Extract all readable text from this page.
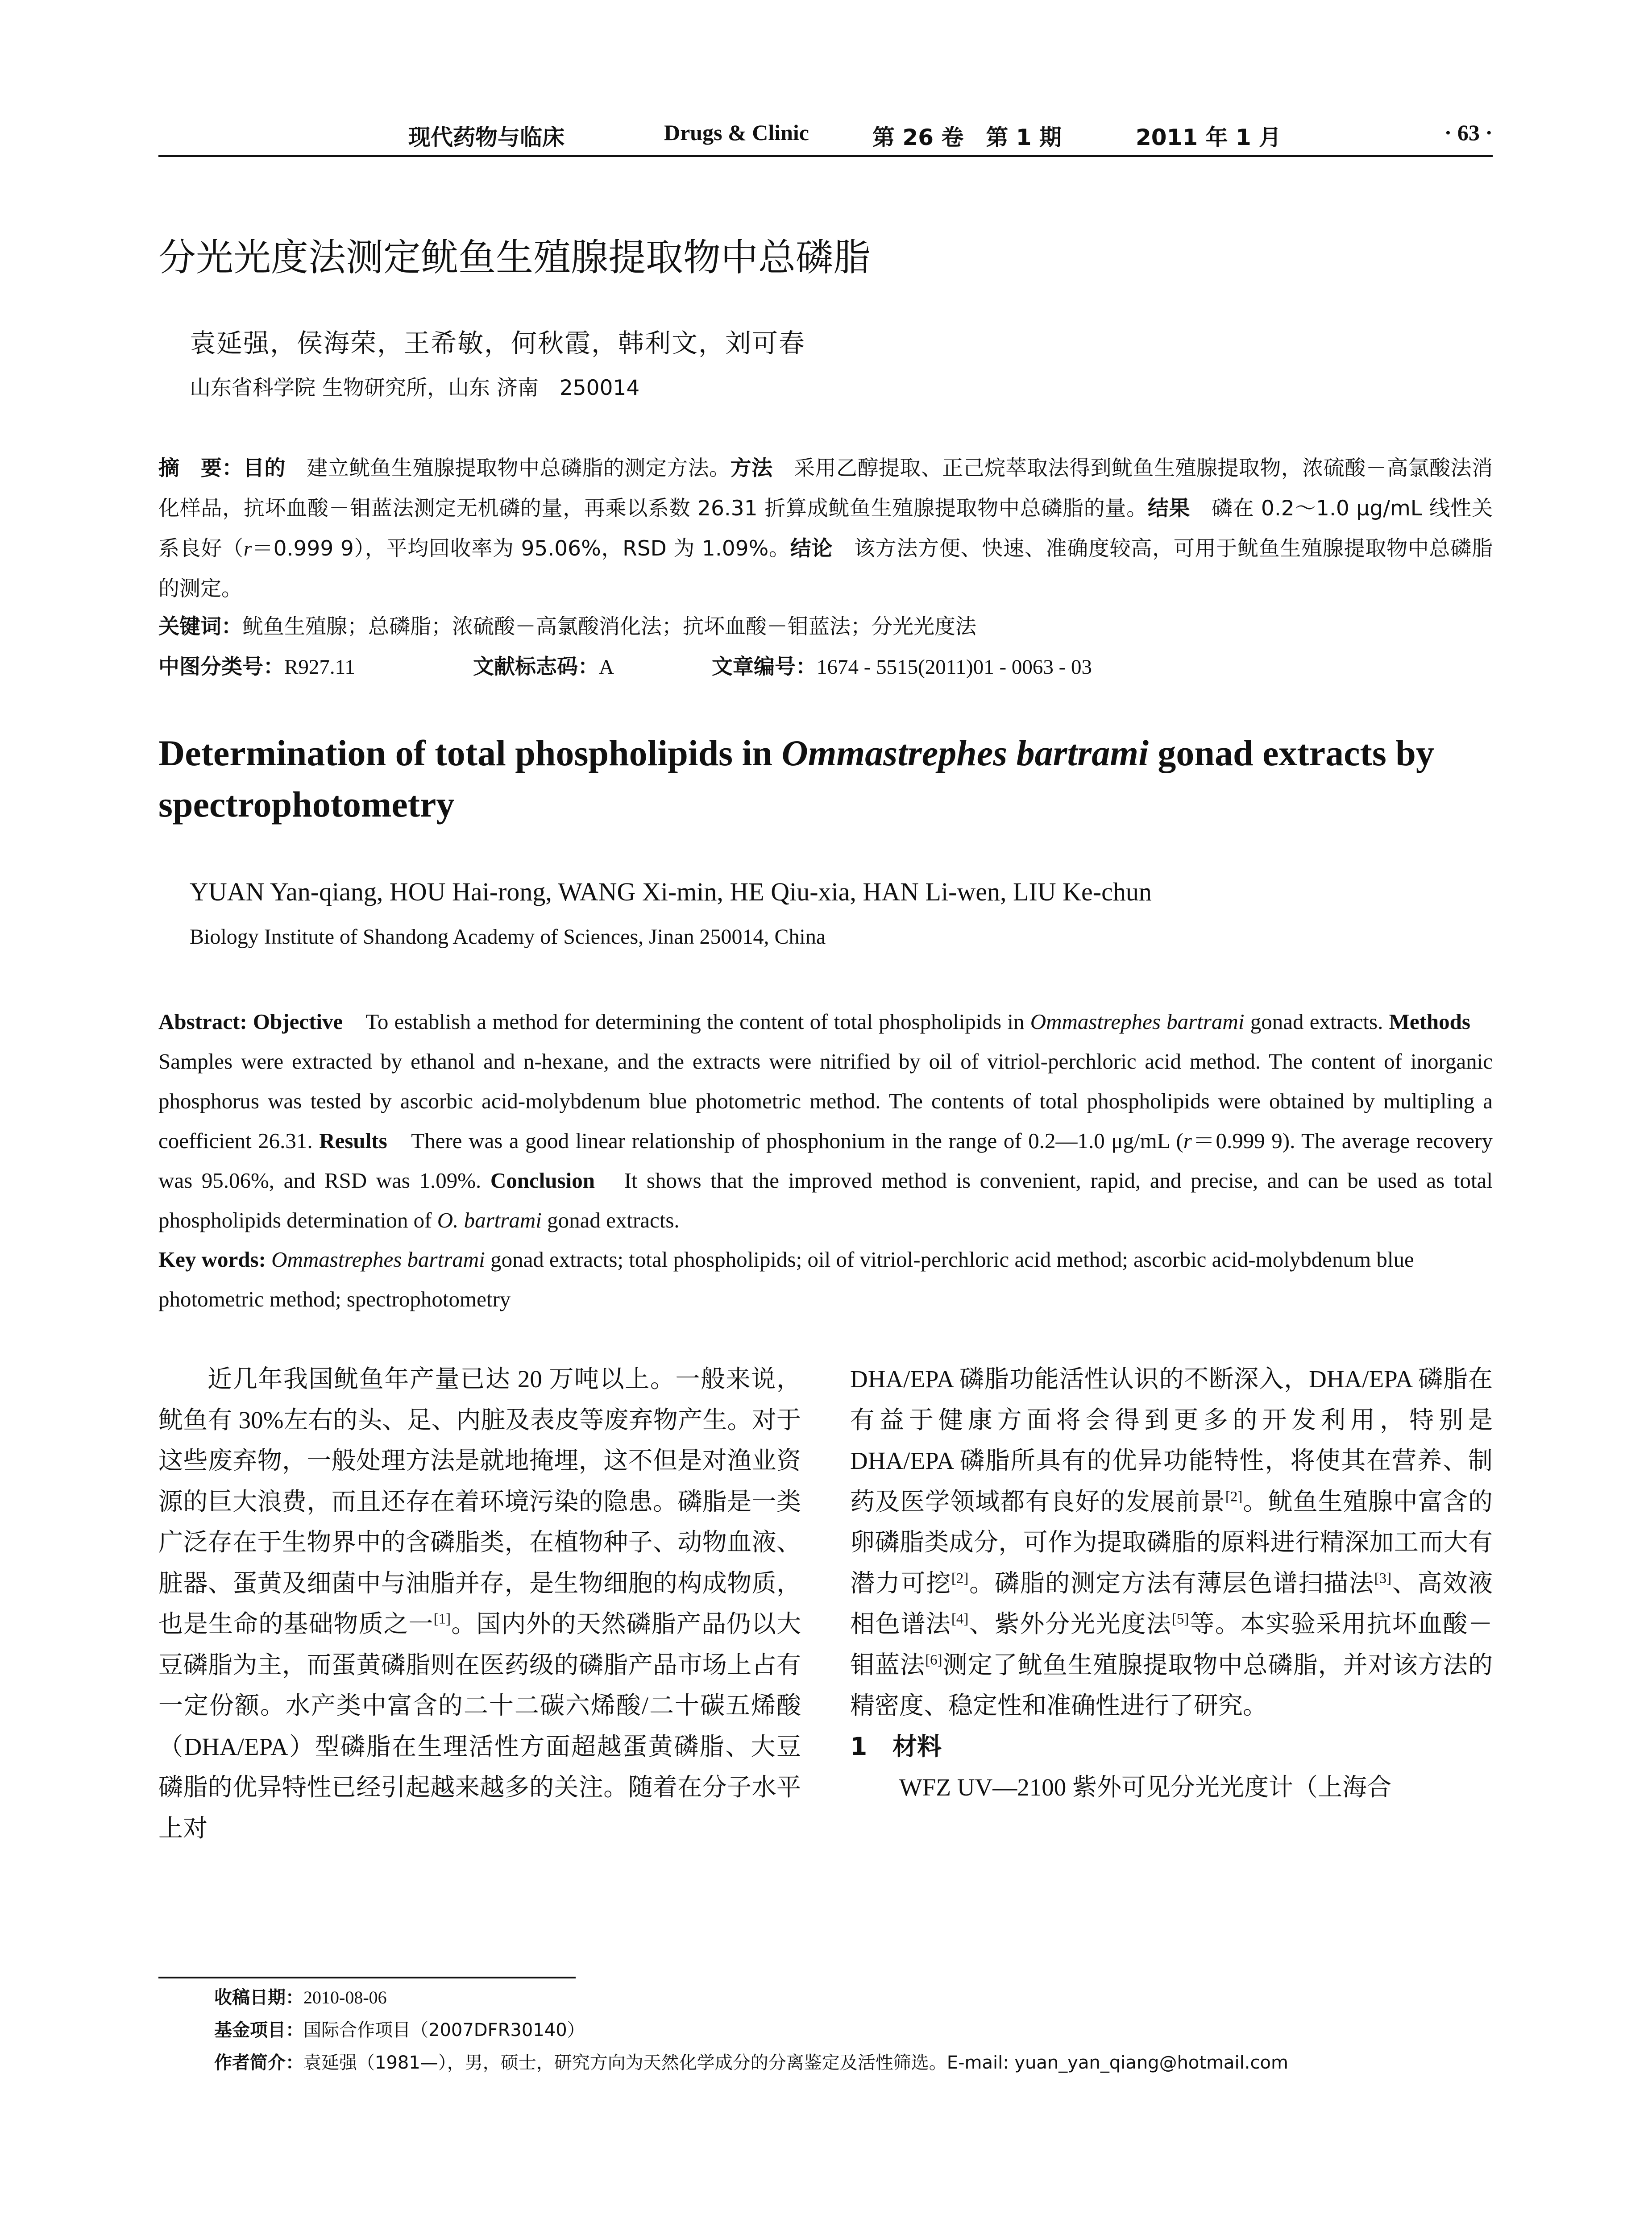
现代药物与临床	Drugs & Clinic	第 26 卷　第 1 期	2011 年 1 月	· 63 ·
分光光度法测定鱿鱼生殖腺提取物中总磷脂
袁延强，侯海荣，王希敏，何秋霞，韩利文，刘可春
山东省科学院 生物研究所，山东 济南　250014
摘　要：目的　建立鱿鱼生殖腺提取物中总磷脂的测定方法。方法　采用乙醇提取、正己烷萃取法得到鱿鱼生殖腺提取物，浓硫酸－高氯酸法消化样品，抗坏血酸－钼蓝法测定无机磷的量，再乘以系数 26.31 折算成鱿鱼生殖腺提取物中总磷脂的量。结果　磷在 0.2～1.0 μg/mL 线性关系良好（r＝0.999 9），平均回收率为 95.06%，RSD 为 1.09%。结论　该方法方便、快速、准确度较高，可用于鱿鱼生殖腺提取物中总磷脂的测定。
关键词：鱿鱼生殖腺；总磷脂；浓硫酸－高氯酸消化法；抗坏血酸－钼蓝法；分光光度法
中图分类号：R927.11	文献标志码：A	文章编号：1674 - 5515(2011)01 - 0063 - 03
Determination of total phospholipids in Ommastrephes bartrami gonad extracts by spectrophotometry
YUAN Yan-qiang, HOU Hai-rong, WANG Xi-min, HE Qiu-xia, HAN Li-wen, LIU Ke-chun
Biology Institute of Shandong Academy of Sciences, Jinan 250014, China
Abstract: Objective　To establish a method for determining the content of total phospholipids in Ommastrephes bartrami gonad extracts. Methods　Samples were extracted by ethanol and n-hexane, and the extracts were nitrified by oil of vitriol-perchloric acid method. The content of inorganic phosphorus was tested by ascorbic acid-molybdenum blue photometric method. The contents of total phospholipids were obtained by multipling a coefficient 26.31. Results　There was a good linear relationship of phosphonium in the range of 0.2—1.0 μg/mL (r＝0.999 9). The average recovery was 95.06%, and RSD was 1.09%. Conclusion　It shows that the improved method is convenient, rapid, and precise, and can be used as total phospholipids determination of O. bartrami gonad extracts.
Key words: Ommastrephes bartrami gonad extracts; total phospholipids; oil of vitriol-perchloric acid method; ascorbic acid-molybdenum blue photometric method; spectrophotometry

近几年我国鱿鱼年产量已达 20 万吨以上。一般来说，鱿鱼有 30%左右的头、足、内脏及表皮等废弃物产生。对于这些废弃物，一般处理方法是就地掩埋，这不但是对渔业资源的巨大浪费，而且还存在着环境污染的隐患。磷脂是一类广泛存在于生物界中的含磷脂类，在植物种子、动物血液、脏器、蛋黄及细菌中与油脂并存，是生物细胞的构成物质，也是生命的基础物质之一[1]。国内外的天然磷脂产品仍以大豆磷脂为主，而蛋黄磷脂则在医药级的磷脂产品市场上占有一定份额。水产类中富含的二十二碳六烯酸/二十碳五烯酸（DHA/EPA）型磷脂在生理活性方面超越蛋黄磷脂、大豆磷脂的优异特性已经引起越来越多的关注。随着在分子水平上对

DHA/EPA 磷脂功能活性认识的不断深入，DHA/EPA 磷脂在有益于健康方面将会得到更多的开发利用，特别是 DHA/EPA 磷脂所具有的优异功能特性，将使其在营养、制药及医学领域都有良好的发展前景[2]。鱿鱼生殖腺中富含的卵磷脂类成分，可作为提取磷脂的原料进行精深加工而大有潜力可挖[2]。磷脂的测定方法有薄层色谱扫描法[3]、高效液相色谱法[4]、紫外分光光度法[5]等。本实验采用抗坏血酸－钼蓝法[6]测定了鱿鱼生殖腺提取物中总磷脂，并对该方法的精密度、稳定性和准确性进行了研究。

1 材料

WFZ UV—2100 紫外可见分光光度计（上海合

收稿日期：2010-08-06
基金项目：国际合作项目（2007DFR30140）
作者简介：袁延强（1981—），男，硕士，研究方向为天然化学成分的分离鉴定及活性筛选。E-mail: yuan_yan_qiang@hotmail.com
